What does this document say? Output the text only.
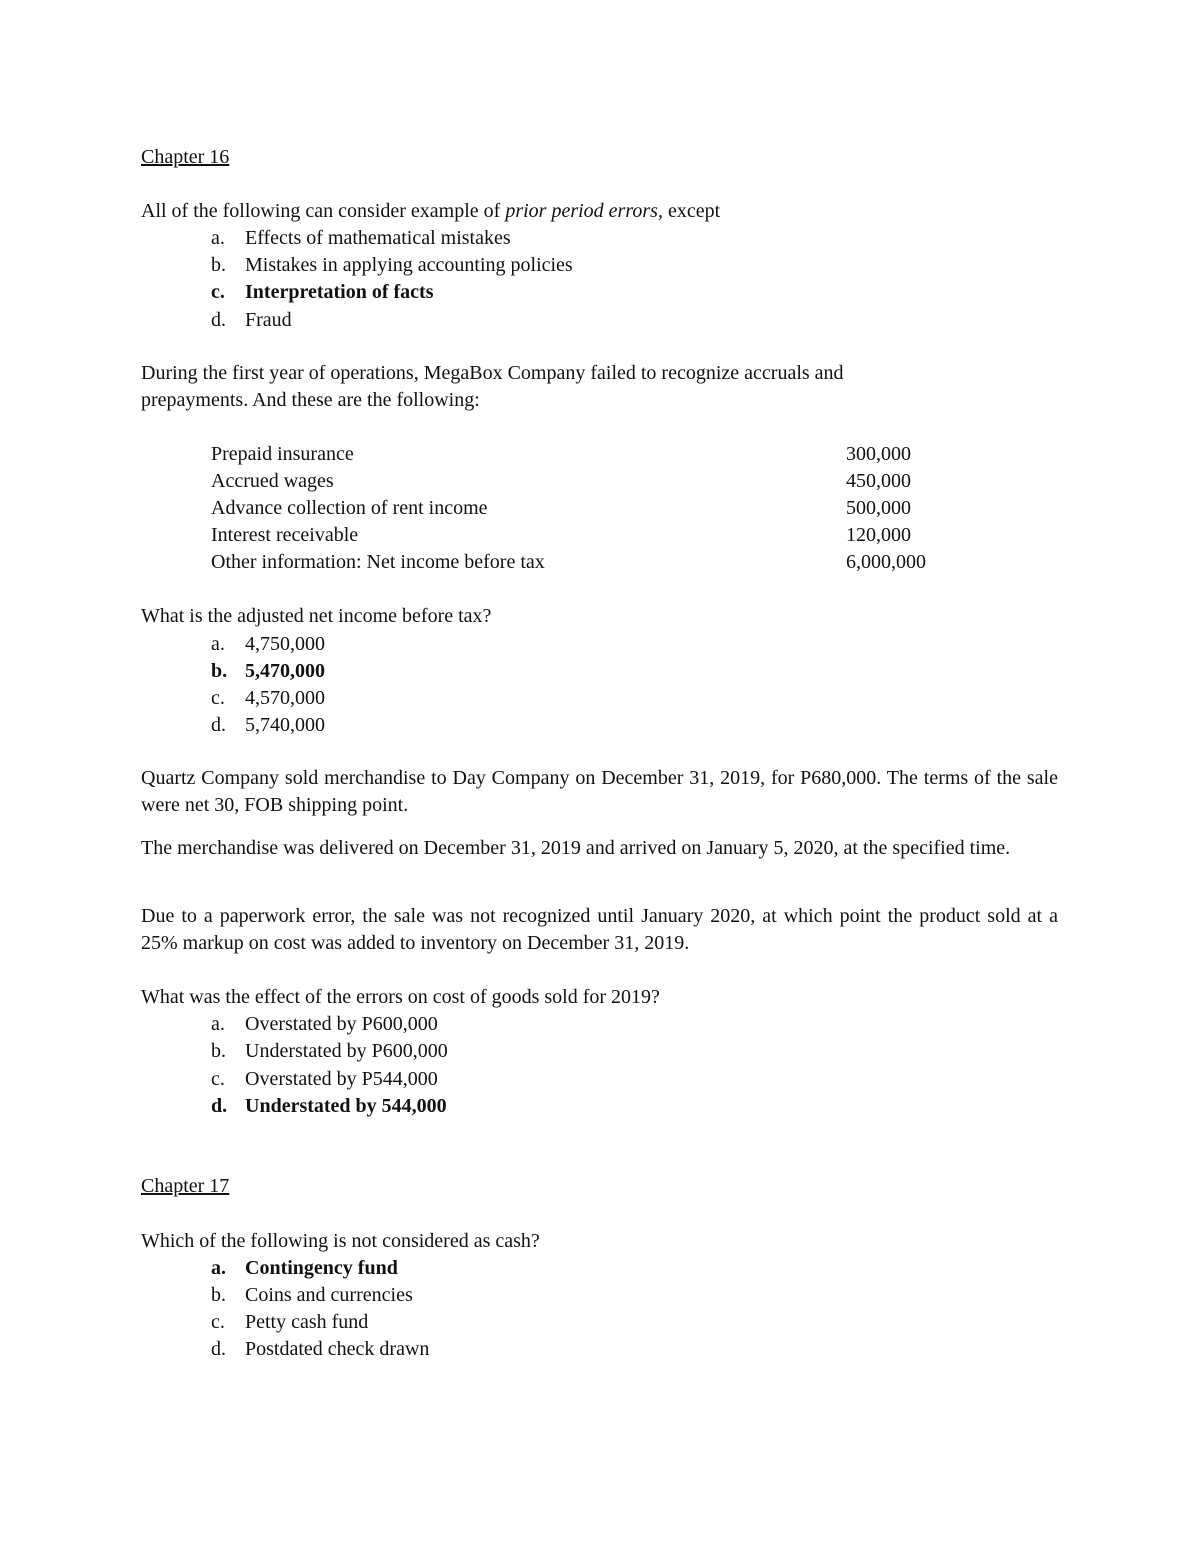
Chapter 16
All of the following can consider example of prior period errors, except
a. Effects of mathematical mistakes
b. Mistakes in applying accounting policies
c. Interpretation of facts
d. Fraud
During the first year of operations, MegaBox Company failed to recognize accruals and
prepayments. And these are the following:
Prepaid insurance	300,000
Accrued wages	450,000
Advance collection of rent income	500,000
Interest receivable	120,000
Other information: Net income before tax	6,000,000
What is the adjusted net income before tax?
a. 4,750,000
b. 5,470,000
c. 4,570,000
d. 5,740,000
Quartz Company sold merchandise to Day Company on December 31, 2019, for P680,000. The terms of the sale were net 30, FOB shipping point.
The merchandise was delivered on December 31, 2019 and arrived on January 5, 2020, at the specified time.
Due to a paperwork error, the sale was not recognized until January 2020, at which point the product sold at a 25% markup on cost was added to inventory on December 31, 2019.
What was the effect of the errors on cost of goods sold for 2019?
a. Overstated by P600,000
b. Understated by P600,000
c. Overstated by P544,000
d. Understated by 544,000
Chapter 17
Which of the following is not considered as cash?
a. Contingency fund
b. Coins and currencies
c. Petty cash fund
d. Postdated check drawn
